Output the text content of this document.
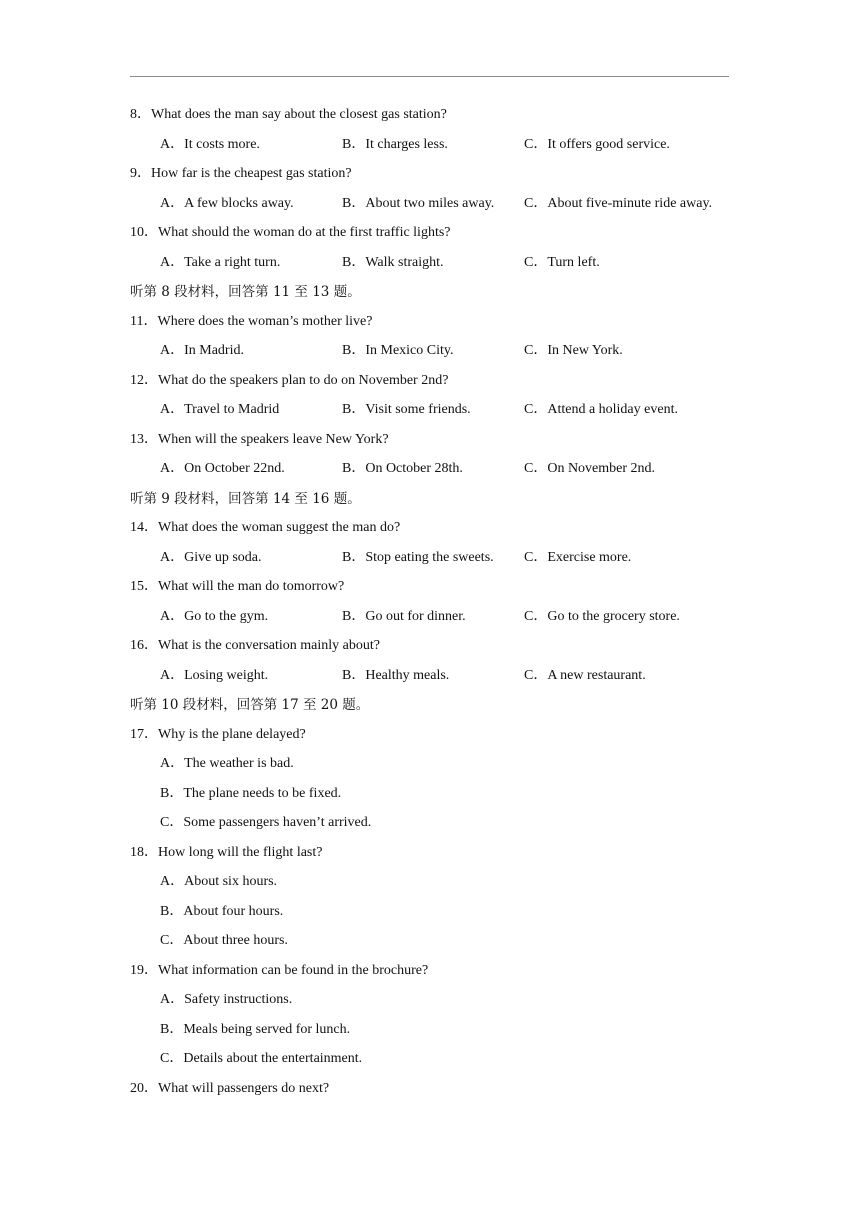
8．What does the man say about the closest gas station?
A．It costs more.	B．It charges less.	C．It offers good service.
9．How far is the cheapest gas station?
A．A few blocks away.	B．About two miles away. C．About five-minute ride away.
10．What should the woman do at the first traffic lights?
A．Take a right turn.	B．Walk straight.	C．Turn left.
听第 8 段材料，回答第 11 至 13 题。
11．Where does the woman’s mother live?
A．In Madrid.	B．In Mexico City.	C．In New York.
12．What do the speakers plan to do on November 2nd?
A．Travel to Madrid	B．Visit some friends.	C．Attend a holiday event.
13．When will the speakers leave New York?
A．On October 22nd.	B．On October 28th.	C．On November 2nd.
听第 9 段材料，回答第 14 至 16 题。
14．What does the woman suggest the man do?
A．Give up soda.	B．Stop eating the sweets. C．Exercise more.
15．What will the man do tomorrow?
A．Go to the gym.	B．Go out for dinner.	C．Go to the grocery store.
16．What is the conversation mainly about?
A．Losing weight.	B．Healthy meals.	C．A new restaurant.
听第 10 段材料，回答第 17 至 20 题。
17．Why is the plane delayed?
A．The weather is bad.
B．The plane needs to be fixed.
C．Some passengers haven’t arrived.
18．How long will the flight last?
A．About six hours.
B．About four hours.
C．About three hours.
19．What information can be found in the brochure?
A．Safety instructions.
B．Meals being served for lunch.
C．Details about the entertainment.
20．What will passengers do next?
